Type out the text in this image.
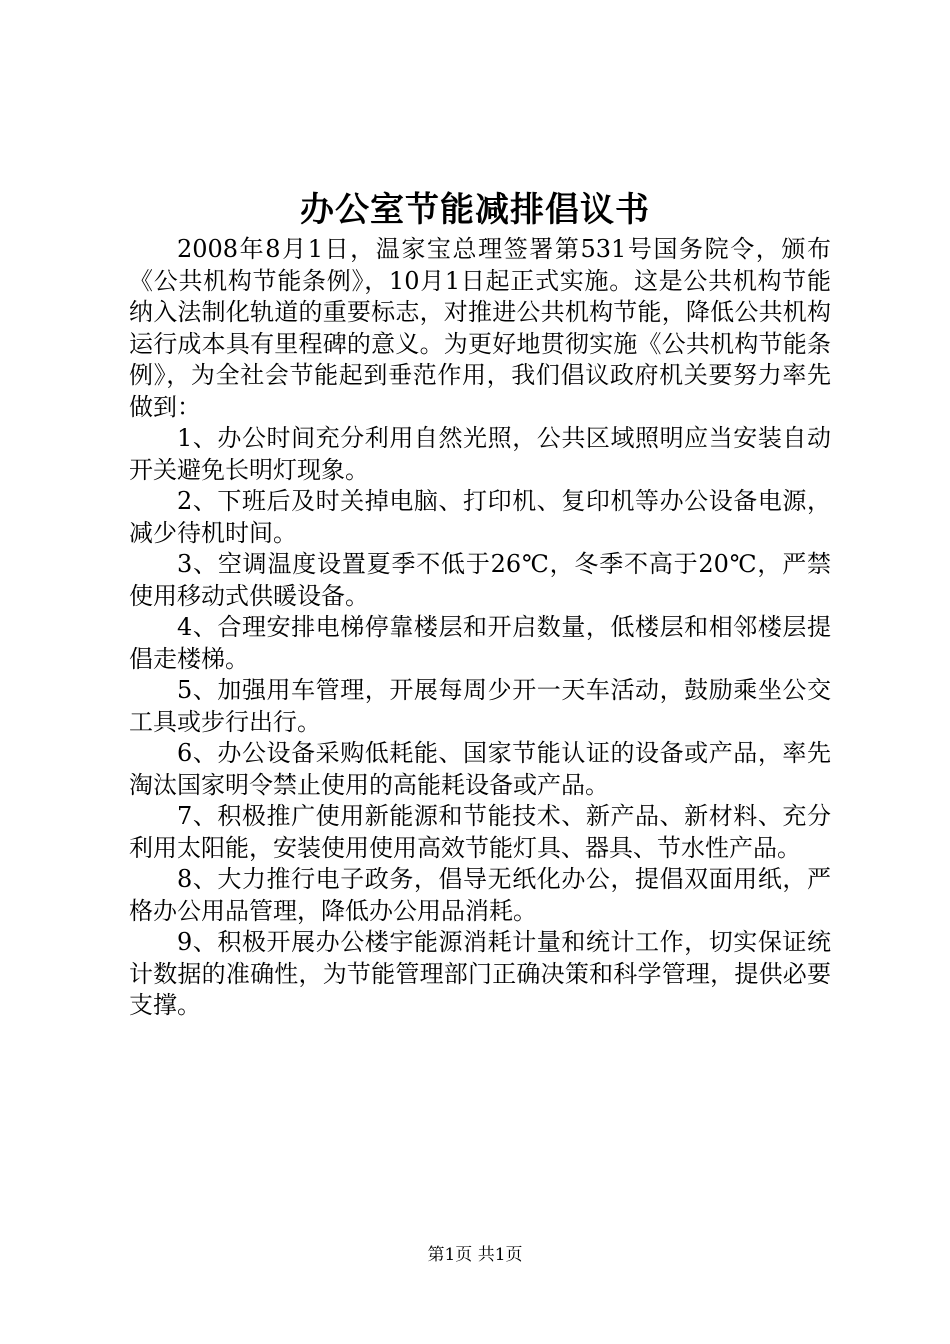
办公室节能减排倡议书

2008年8月1日，温家宝总理签署第531号国务院令，颁布《公共机构节能条例》，10月1日起正式实施。这是公共机构节能纳入法制化轨道的重要标志，对推进公共机构节能，降低公共机构运行成本具有里程碑的意义。为更好地贯彻实施《公共机构节能条例》，为全社会节能起到垂范作用，我们倡议政府机关要努力率先做到：

1、办公时间充分利用自然光照，公共区域照明应当安装自动开关避免长明灯现象。

2、下班后及时关掉电脑、打印机、复印机等办公设备电源，减少待机时间。

3、空调温度设置夏季不低于26℃，冬季不高于20℃，严禁使用移动式供暖设备。

4、合理安排电梯停靠楼层和开启数量，低楼层和相邻楼层提倡走楼梯。

5、加强用车管理，开展每周少开一天车活动，鼓励乘坐公交工具或步行出行。

6、办公设备采购低耗能、国家节能认证的设备或产品，率先淘汰国家明令禁止使用的高能耗设备或产品。

7、积极推广使用新能源和节能技术、新产品、新材料、充分利用太阳能，安装使用使用高效节能灯具、器具、节水性产品。

8、大力推行电子政务，倡导无纸化办公，提倡双面用纸，严格办公用品管理，降低办公用品消耗。

9、积极开展办公楼宇能源消耗计量和统计工作，切实保证统计数据的准确性，为节能管理部门正确决策和科学管理，提供必要支撑。

第1页 共1页
